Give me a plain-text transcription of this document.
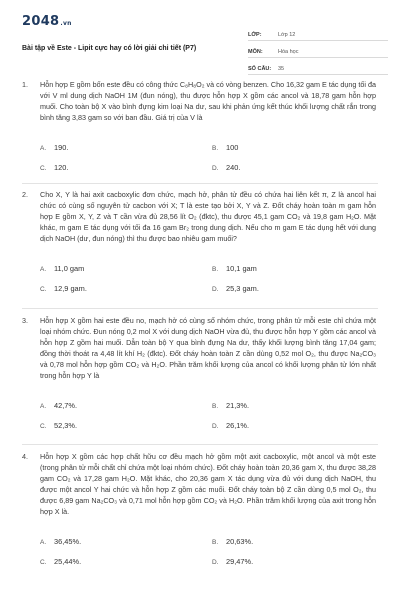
2048.vn
Bài tập về Este - Lipit cực hay có lời giải chi tiết (P7)
LỚP:	Lớp 12
MÔN:	Hóa học
SỐ CÂU:	35
1.	Hỗn hợp E gồm bốn este đều có công thức C₈H₈O₂ và có vòng benzen. Cho 16,32 gam E tác dụng tối đa với V ml dung dịch NaOH 1M (đun nóng), thu được hỗn hợp X gồm các ancol và 18,78 gam hỗn hợp muối. Cho toàn bộ X vào bình đựng kim loại Na dư, sau khi phản ứng kết thúc khối lượng chất rắn trong bình tăng 3,83 gam so với ban đầu. Giá trị của V là
A. 190.	B. 100
C. 120.	D. 240.
2.	Cho X, Y là hai axit cacboxylic đơn chức, mạch hở, phân tử đều có chứa hai liên kết π, Z là ancol hai chức có cùng số nguyên tử cacbon với X; T là este tạo bởi X, Y và Z. Đốt cháy hoàn toàn m gam hỗn hợp E gồm X, Y, Z và T cần vừa đủ 28,56 lít O₂ (đktc), thu được 45,1 gam CO₂ và 19,8 gam H₂O. Mặt khác, m gam E tác dụng với tối đa 16 gam Br₂ trong dung dịch. Nếu cho m gam E tác dụng hết với dung dịch NaOH (dư, đun nóng) thì thu được bao nhiêu gam muối?
A. 11,0 gam	B. 10,1 gam
C. 12,9 gam.	D. 25,3 gam.
3.	Hỗn hợp X gồm hai este đều no, mạch hở có cùng số nhóm chức, trong phân tử mỗi este chỉ chứa một loại nhóm chức. Đun nóng 0,2 mol X với dung dịch NaOH vừa đủ, thu được hỗn hợp Y gồm các ancol và hỗn hợp Z gồm hai muối. Dẫn toàn bộ Y qua bình đựng Na dư, thấy khối lượng bình tăng 17,04 gam; đồng thời thoát ra 4,48 lít khí H₂ (đktc). Đốt cháy hoàn toàn Z cần dùng 0,52 mol O₂, thu được Na₂CO₃ và 0,78 mol hỗn hợp gồm CO₂ và H₂O. Phần trăm khối lượng của ancol có khối lượng phân tử lớn nhất trong hỗn hợp Y là
A. 42,7%.	B. 21,3%.
C. 52,3%.	D. 26,1%.
4.	Hỗn hợp X gồm các hợp chất hữu cơ đều mạch hở gồm một axit cacboxylic, một ancol và một este (trong phân tử mỗi chất chỉ chứa một loại nhóm chức). Đốt cháy hoàn toàn 20,36 gam X, thu được 38,28 gam CO₂ và 17,28 gam H₂O. Mặt khác, cho 20,36 gam X tác dụng vừa đủ với dung dịch NaOH, thu được một ancol Y hai chức và hỗn hợp Z gồm các muối. Đốt cháy toàn bộ Z cần dùng 0,5 mol O₂, thu được 6,89 gam Na₂CO₃ và 0,71 mol hỗn hợp gồm CO₂ và H₂O. Phần trăm khối lượng của axit trong hỗn hợp X là.
A. 36,45%.	B. 20,63%.
C. 25,44%.	D. 29,47%.
